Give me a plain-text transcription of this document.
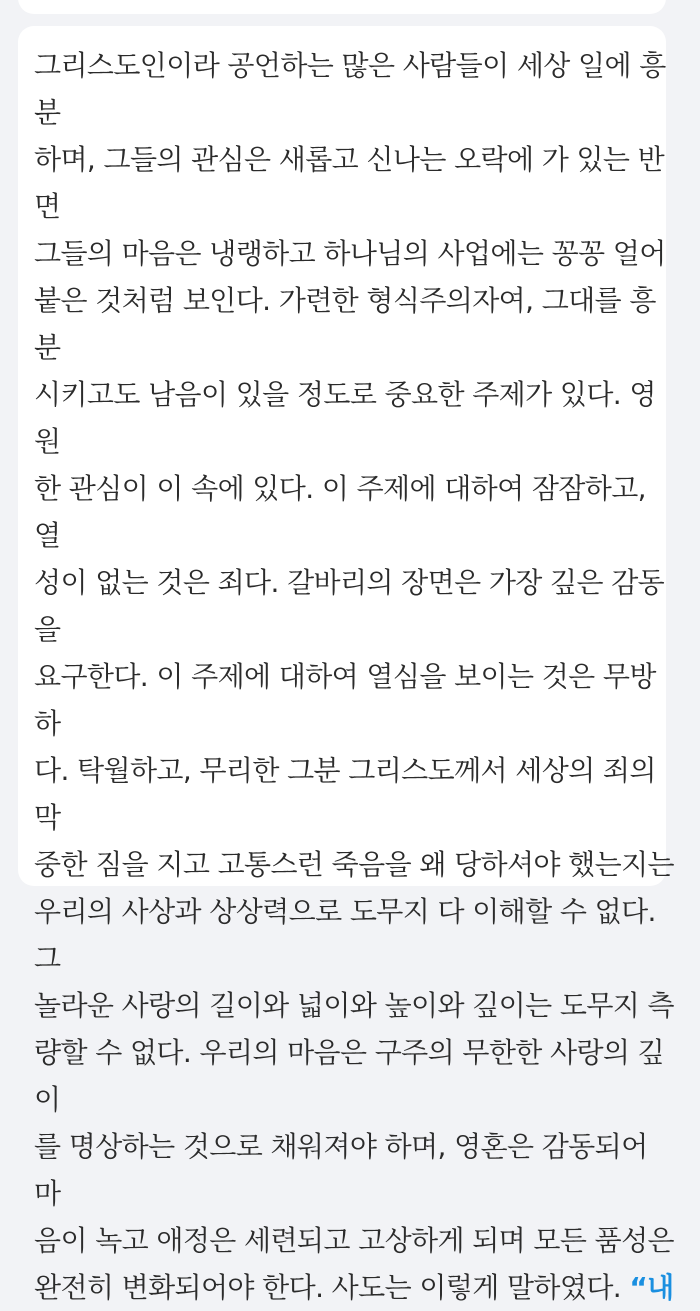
그리스도인이라 공언하는 많은 사람들이 세상 일에 흥분
하며, 그들의 관심은 새롭고 신나는 오락에 가 있는 반면
그들의 마음은 냉랭하고 하나님의 사업에는 꽁꽁 얼어
붙은 것처럼 보인다. 가련한 형식주의자여, 그대를 흥분
시키고도 남음이 있을 정도로 중요한 주제가 있다. 영원
한 관심이 이 속에 있다. 이 주제에 대하여 잠잠하고, 열
성이 없는 것은 죄다. 갈바리의 장면은 가장 깊은 감동을
요구한다. 이 주제에 대하여 열심을 보이는 것은 무방하
다. 탁월하고, 무리한 그분 그리스도께서 세상의 죄의 막
중한 짐을 지고 고통스런 죽음을 왜 당하셔야 했는지는
우리의 사상과 상상력으로 도무지 다 이해할 수 없다. 그
놀라운 사랑의 길이와 넓이와 높이와 깊이는 도무지 측
량할 수 없다. 우리의 마음은 구주의 무한한 사랑의 깊이
를 명상하는 것으로 채워져야 하며, 영혼은 감동되어 마
음이 녹고 애정은 세련되고 고상하게 되며 모든 품성은
완전히 변화되어야 한다. 사도는 이렇게 말하였다. “내
